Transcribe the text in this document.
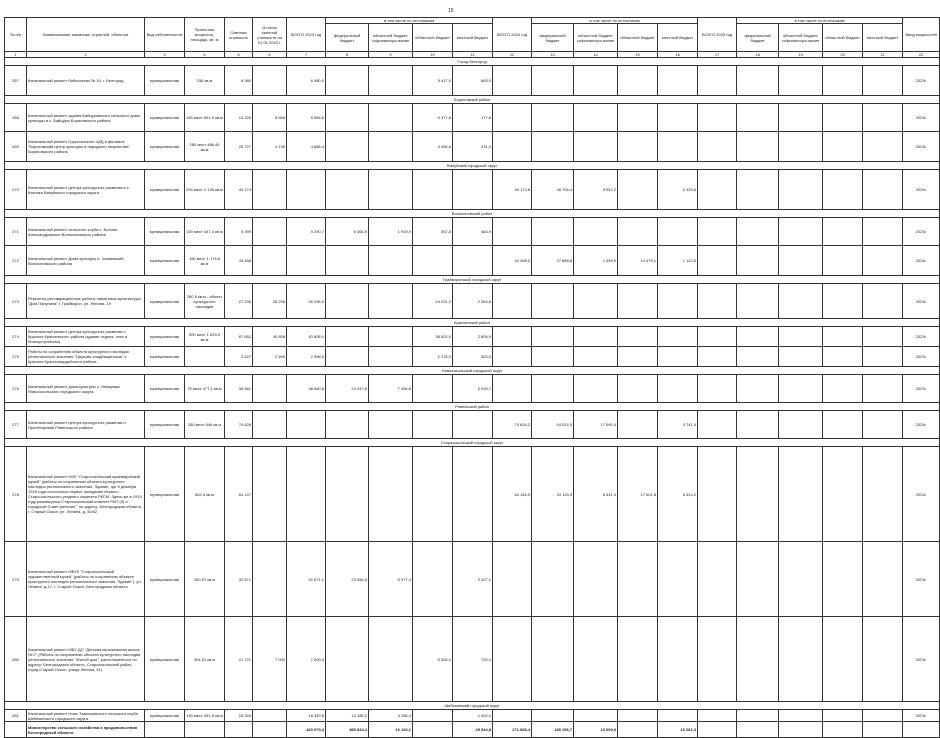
15
№ п/п	Наименование заказчика, отраслей, объектов	Вид собственности	Проектная мощность, площадь, кв. м	Сметная стоимость	Остаток сметной стоимости на 01.01.2023 г.	ВСЕГО 2023 год	в том числе по источникам				ВСЕГО 2024 год	в том числе по источникам				ВСЕГО 2025 год	в том числе по источникам				Ввод мощностей
							федеральный бюджет	областной бюджет, софинансиро-вание	областной бюджет	местный бюджет		федеральный бюджет	областной бюджет, софинансиро-вание	областной бюджет	местный бюджет		федеральный бюджет	областной бюджет, софинансиро-вание	областной бюджет	местный бюджет	
1	2	3	4	5	6	7	8	9	10	11	12	13	14	15	16	17	18	19	20	21	22
Город Белгород																					
267	Капитальный ремонт библиотеки № 16, г. Белгород	муниципальная	156 кв.м	6 080		6 080,0			5 417,0	663,0											2023г.
Борисовский район																					
268	Капитальный ремонт здания Байцуровского сельского дома культуры в с. Байцуры Борисовского района	муниципальная	180 мест 591,0 кв.м	14 226	5 556	5 555,6			5 377,8	177,8											2023г.
269	Капитальный ремонт Грузсчанского ЦКД в филиале "Борисовский центр культуры и народного творчества" Борисовского района	муниципальная	280 мест 488,44 кв.м	25 727	4 136	4 688,4			4 496,6	231,0											2023г.
Валуйский городской округ																					
270	Капитальный ремонт центра культурного развития в с. Казинка Валуйского городского округа	муниципальная	200 мест 1 136 кв.м	40 174							40 173,8	28 706,4	9 042,2		2 425,6						2024г.
Волоконовский район																					
271	Капитальный ремонт сельского клуба с. Волчье-Александровское Волоконовского района	муниципальная	100 мест 347,4 кв.м	5 399		9 290,7	6 365,9	1 919,9	557,8	464,9											2023г.
272	Капитальный ремонт Дома культуры п. Чапаевский Волоконовского района	муниципальная	150 мест 1 176,8 кв.м	44 458							44 458,0	27 888,8	1 059,9	14 479,1	1 122,5						2024г.
Грайворонский городской округ																					
273	Ремонтно-реставрационные работы памятника архитектуры "Дом Папунина" г. Грайворон, ул. Ленина, 19	муниципальная	280,5 кв.м - объект культурного наследия	27 236	26 296	26 296,0			24 031,2	2 264,8											2023г.
Красненский район																					
274	Капитальный ремонт центра культурного развития с. Красное Краснинского района (здание отдела, сети и благоустройство)	муниципальная	500 мест 1 833,9 кв.м	67 652	40 808	40 808,0			38 002,0	2 806,9											2023г.
275	Работы по сохранению объекта культурного наследия регионального значения "Церковь кладбищенская" с. Красное Красногвардейского района	муниципальная		3 627	2 599	2 598,9			2 278,9	320,0											2023г.
Новооскольский городской округ																					
276	Капитальный ремонт дома культуры с. Немцевка Новооскольского городского округа	муниципальная	75 мест 477,1 кв.м	38 661		38 660,6	24 047,8	7 494,6		2 039,7											2023г.
Ровеньский район																					
277	Капитальный ремонт центра культурного развития п. Пролетарский Ровеньского района	муниципальная	250 мест 646 кв.м	74 626							74 626,2	54 024,5	17 090,4		3 741,4						2024г.
Старооскольский городской округ																					
278	Капитальный ремонт МУК "Старооскольский краеведческий музей" (работы по сохранению объекта культурного наследия регионального значения "Здание, где 5 декабря 1918 года состоялось первое заседание первого Старооскольского уездного комитета РКСМ. Здесь же в 1919 году размещался Старооскольский комитет РКП (б) и городской Совет рабочих", по адресу: Белгородская область, г. Старый Оскол, ул. Ленина, д. 50/42	муниципальная	662,4 кв.м	64 147							64 146,9	20 115,9	8 531,3	17 001,8	6 614,2						2024г.
279	Капитальный ремонт МБУК "Старооскольский художественный музей" (работы по сохранению объекта культурного наследия регионального значения "Здание"), ул. Ленина, д.17, г. Старый Оскол, Белгородская область	муниципальная	250,97 кв.м	32 671		32 671,1	23 956,8	6 977,4		2 207,1											2023г.
280	Капитальный ремонт МБУ ДО "Детская музыкальная школа № 2" (Работы по сохранению объекта культурного наследия регионального значения "Жилой дом", расположенного по адресу: Белгородская область, Старооскольский район, город Старый Оскол, улица Ленина, 51)	муниципальная	394,81 кв.м	21 721	7 000	7 000,0			6 300,0	700,0											2023г.
Шебекинский городской округ																					
281	Капитальный ремонт Ново-Таволжанского сельского клуба Шебекинского городского округа	муниципальная	150 мест 451,8 кв.м	18 349		18 349,6	13 185,2	4 156,4		1 000,0											2023г.
	Министерство сельского хозяйства и продовольствия Белгородской области					420 070,3	385 834,4	16 103,1		29 944,8	271 088,4	180 156,7	10 609,6		16 062,3						
